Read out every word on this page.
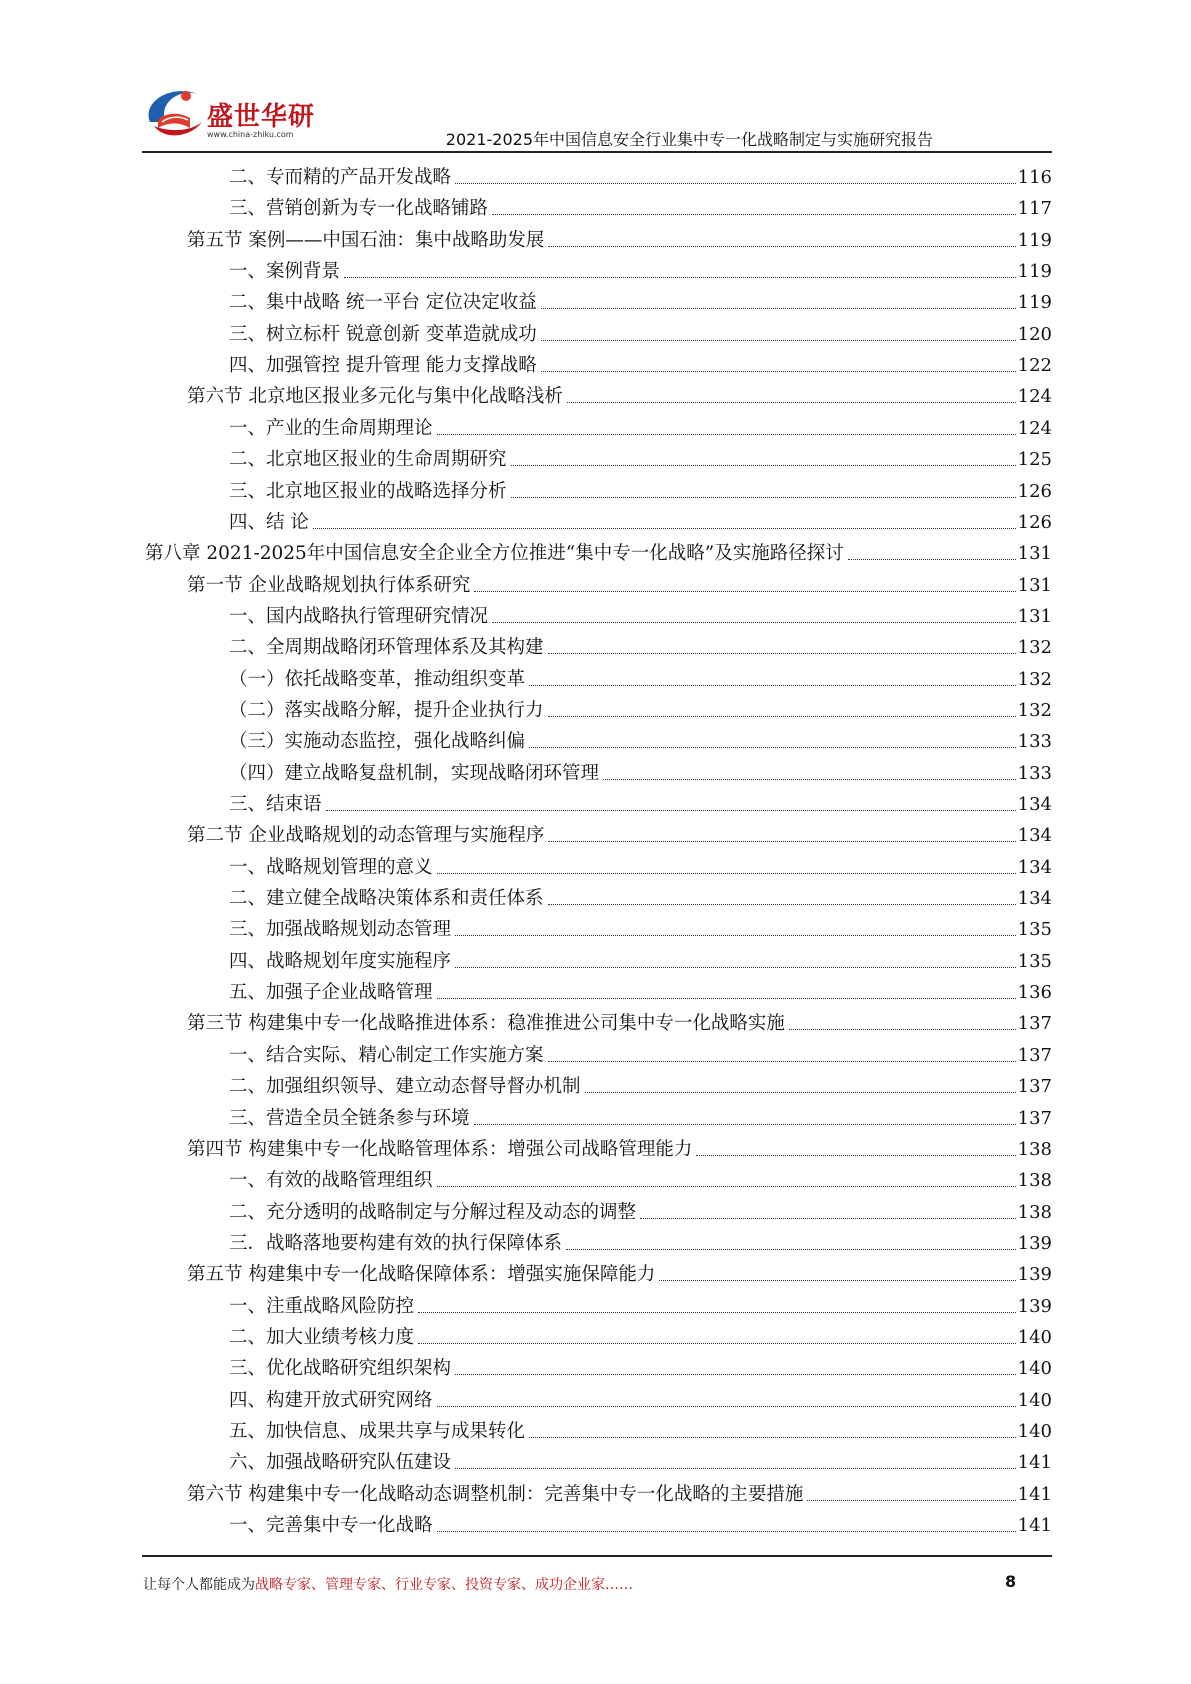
盛世华研
www.china-zhiku.com	2021-2025年中国信息安全行业集中专一化战略制定与实施研究报告
二、专而精的产品开发战略	116
三、营销创新为专一化战略铺路	117
第五节 案例——中国石油：集中战略助发展	119
一、案例背景	119
二、集中战略 统一平台 定位决定收益	119
三、树立标杆 锐意创新 变革造就成功	120
四、加强管控 提升管理 能力支撑战略	122
第六节 北京地区报业多元化与集中化战略浅析	124
一、产业的生命周期理论	124
二、北京地区报业的生命周期研究	125
三、北京地区报业的战略选择分析	126
四、结 论	126
第八章 2021-2025年中国信息安全企业全方位推进“集中专一化战略”及实施路径探讨	131
第一节 企业战略规划执行体系研究	131
一、国内战略执行管理研究情况	131
二、全周期战略闭环管理体系及其构建	132
（一）依托战略变革，推动组织变革	132
（二）落实战略分解，提升企业执行力	132
（三）实施动态监控，强化战略纠偏	133
（四）建立战略复盘机制，实现战略闭环管理	133
三、结束语	134
第二节 企业战略规划的动态管理与实施程序	134
一、战略规划管理的意义	134
二、建立健全战略决策体系和责任体系	134
三、加强战略规划动态管理	135
四、战略规划年度实施程序	135
五、加强子企业战略管理	136
第三节 构建集中专一化战略推进体系：稳准推进公司集中专一化战略实施	137
一、结合实际、精心制定工作实施方案	137
二、加强组织领导、建立动态督导督办机制	137
三、营造全员全链条参与环境	137
第四节 构建集中专一化战略管理体系：增强公司战略管理能力	138
一、有效的战略管理组织	138
二、充分透明的战略制定与分解过程及动态的调整	138
三．战略落地要构建有效的执行保障体系	139
第五节 构建集中专一化战略保障体系：增强实施保障能力	139
一、注重战略风险防控	139
二、加大业绩考核力度	140
三、优化战略研究组织架构	140
四、构建开放式研究网络	140
五、加快信息、成果共享与成果转化	140
六、加强战略研究队伍建设	141
第六节 构建集中专一化战略动态调整机制：完善集中专一化战略的主要措施	141
一、完善集中专一化战略	141
让每个人都能成为战略专家、管理专家、行业专家、投资专家、成功企业家……	8
